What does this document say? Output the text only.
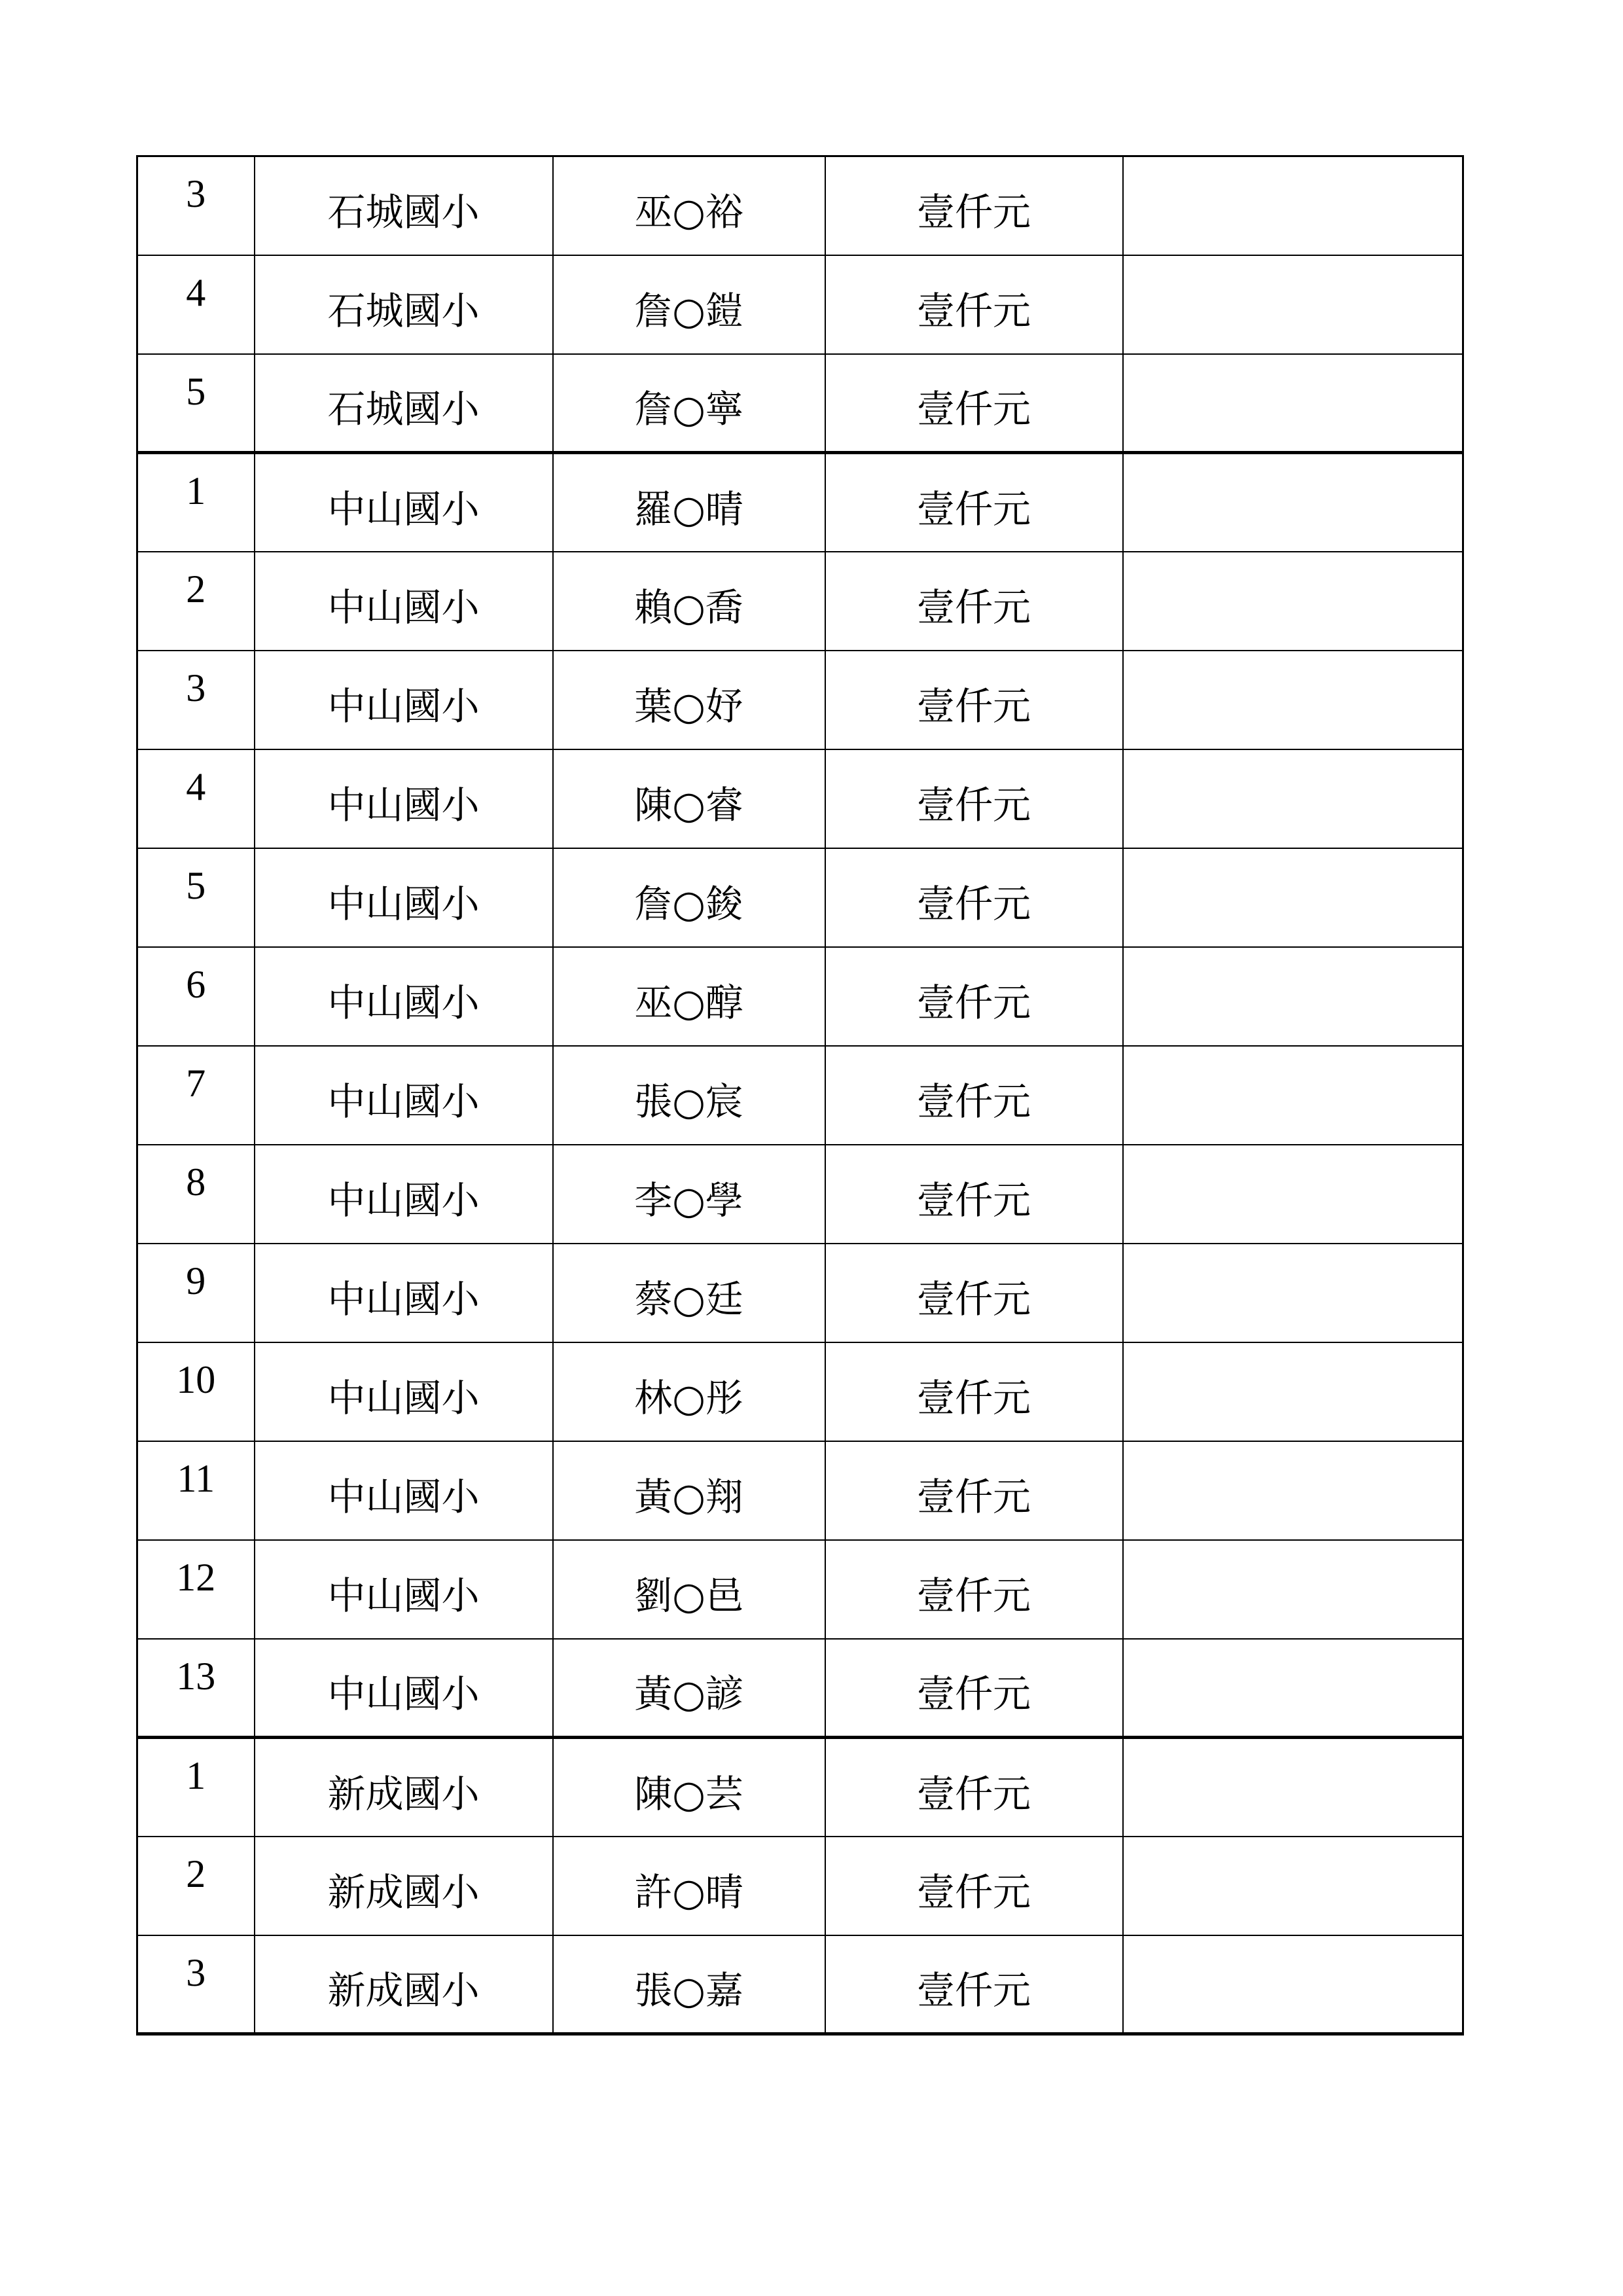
3	石城國小	巫○裕	壹仟元	
4	石城國小	詹○鎧	壹仟元	
5	石城國小	詹○寧	壹仟元	
1	中山國小	羅○晴	壹仟元	
2	中山國小	賴○喬	壹仟元	
3	中山國小	葉○妤	壹仟元	
4	中山國小	陳○睿	壹仟元	
5	中山國小	詹○鋑	壹仟元	
6	中山國小	巫○醇	壹仟元	
7	中山國小	張○宸	壹仟元	
8	中山國小	李○學	壹仟元	
9	中山國小	蔡○廷	壹仟元	
10	中山國小	林○彤	壹仟元	
11	中山國小	黃○翔	壹仟元	
12	中山國小	劉○邑	壹仟元	
13	中山國小	黃○諺	壹仟元	
1	新成國小	陳○芸	壹仟元	
2	新成國小	許○晴	壹仟元	
3	新成國小	張○嘉	壹仟元	
